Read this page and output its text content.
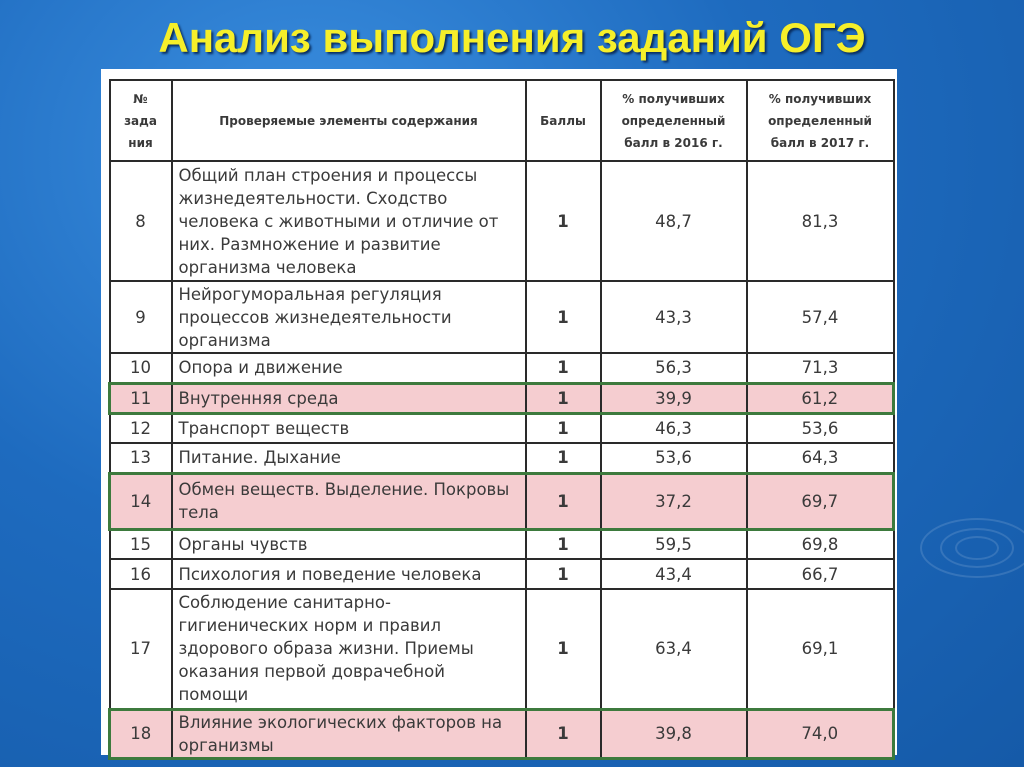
Анализ выполнения заданий ОГЭ
№ зада ния	Проверяемые элементы содержания	Баллы	% получивших определенный балл в 2016 г.	% получивших определенный балл в 2017 г.
8	Общий план строения и процессы жизнедеятельности. Сходство человека с животными и отличие от них. Размножение и развитие организма человека	1	48,7	81,3
9	Нейрогуморальная регуляция процессов жизнедеятельности организма	1	43,3	57,4
10	Опора и движение	1	56,3	71,3
11	Внутренняя среда	1	39,9	61,2
12	Транспорт веществ	1	46,3	53,6
13	Питание. Дыхание	1	53,6	64,3
14	Обмен веществ. Выделение. Покровы тела	1	37,2	69,7
15	Органы чувств	1	59,5	69,8
16	Психология и поведение человека	1	43,4	66,7
17	Соблюдение санитарно-гигиенических норм и правил здорового образа жизни. Приемы оказания первой доврачебной помощи	1	63,4	69,1
18	Влияние экологических факторов на организмы	1	39,8	74,0
